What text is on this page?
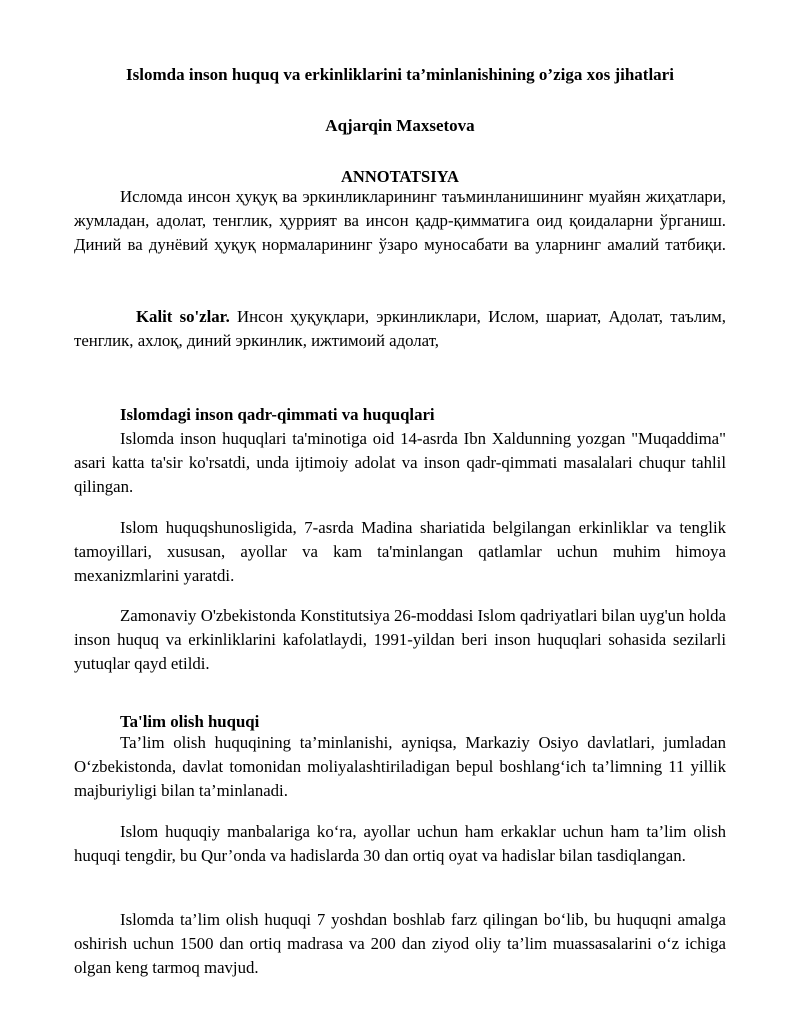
Islomda inson huquq va erkinliklarini ta’minlanishining o’ziga xos jihatlari

Aqjarqin Maxsetova

ANNOTATSIYA

Исломда инсон ҳуқуқ ва эркинликларининг таъминланишининг муайян жиҳатлари, жумладан, адолат, тенглик, ҳуррият ва инсон қадр-қимматига оид қоидаларни ўрганиш. Диний ва дунёвий ҳуқуқ нормаларининг ўзаро муносабати ва уларнинг амалий татбиқи.

Kalit so'zlar. Инсон ҳуқуқлари, эркинликлари, Ислом, шариат, Адолат, таълим, тенглик, ахлоқ, диний эркинлик, ижтимоий адолат,

Islomdagi inson qadr-qimmati va huquqlari

Islomda inson huquqlari ta'minotiga oid 14-asrda Ibn Xaldunning yozgan "Muqaddima" asari katta ta'sir ko'rsatdi, unda ijtimoiy adolat va inson qadr-qimmati masalalari chuqur tahlil qilingan.

Islom huquqshunosligida, 7-asrda Madina shariatida belgilangan erkinliklar va tenglik tamoyillari, xususan, ayollar va kam ta'minlangan qatlamlar uchun muhim himoya mexanizmlarini yaratdi.

Zamonaviy O'zbekistonda Konstitutsiya 26-moddasi Islom qadriyatlari bilan uyg'un holda inson huquq va erkinliklarini kafolatlaydi, 1991-yildan beri inson huquqlari sohasida sezilarli yutuqlar qayd etildi.

Ta'lim olish huquqi

Ta’lim olish huquqining ta’minlanishi, ayniqsa, Markaziy Osiyo davlatlari, jumladan O‘zbekistonda, davlat tomonidan moliyalashtiriladigan bepul boshlang‘ich ta’limning 11 yillik majburiyligi bilan ta’minlanadi.

Islom huquqiy manbalariga ko‘ra, ayollar uchun ham erkaklar uchun ham ta’lim olish huquqi tengdir, bu Qur’onda va hadislarda 30 dan ortiq oyat va hadislar bilan tasdiqlangan.

Islomda ta’lim olish huquqi 7 yoshdan boshlab farz qilingan bo‘lib, bu huquqni amalga oshirish uchun 1500 dan ortiq madrasa va 200 dan ziyod oliy ta’lim muassasalarini o‘z ichiga olgan keng tarmoq mavjud.
